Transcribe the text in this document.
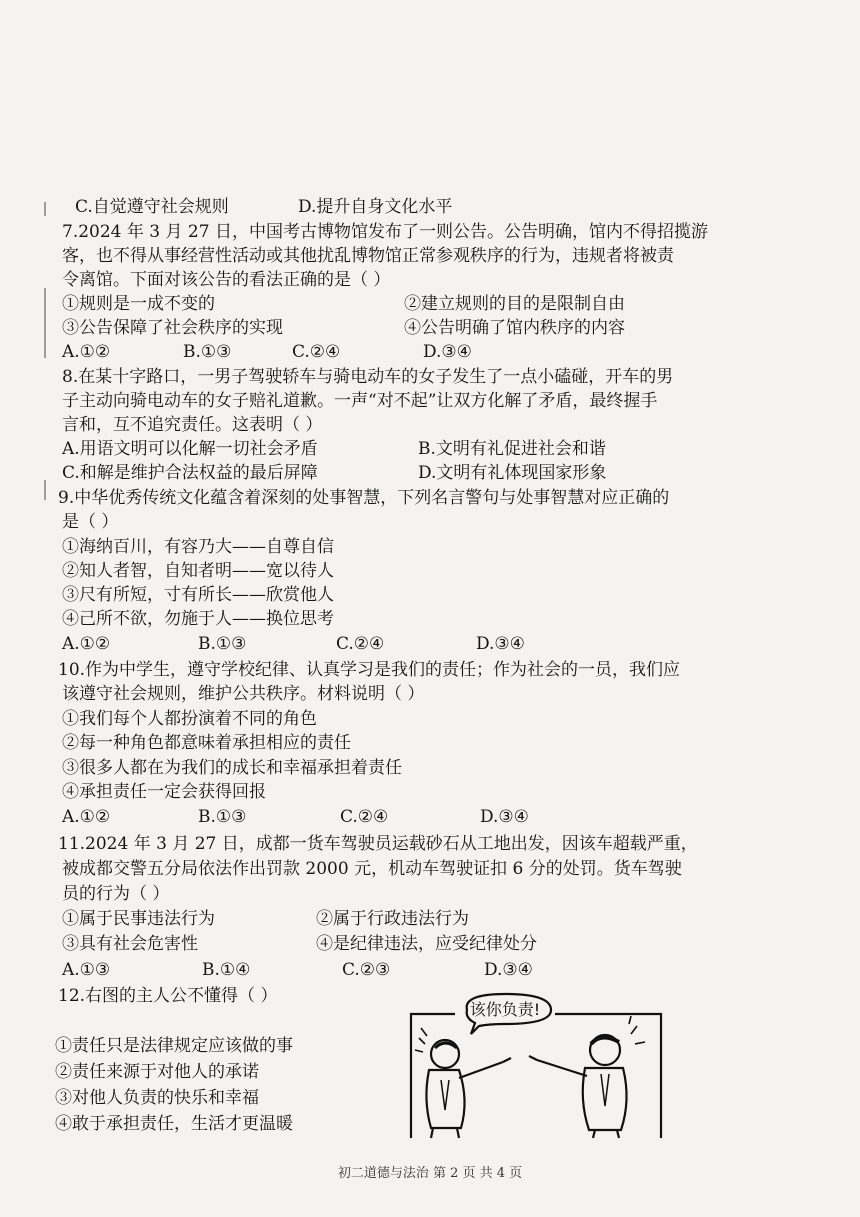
C.自觉遵守社会规则	D.提升自身文化水平
7.2024 年 3 月 27 日，中国考古博物馆发布了一则公告。公告明确，馆内不得招揽游
客，也不得从事经营性活动或其他扰乱博物馆正常参观秩序的行为，违规者将被责
令离馆。下面对该公告的看法正确的是（ ）
①规则是一成不变的	②建立规则的目的是限制自由
③公告保障了社会秩序的实现	④公告明确了馆内秩序的内容
A.①②	B.①③	C.②④	D.③④
8.在某十字路口，一男子驾驶轿车与骑电动车的女子发生了一点小磕碰，开车的男
子主动向骑电动车的女子赔礼道歉。一声“对不起”让双方化解了矛盾，最终握手
言和，互不追究责任。这表明（ ）
A.用语文明可以化解一切社会矛盾	B.文明有礼促进社会和谐
C.和解是维护合法权益的最后屏障	D.文明有礼体现国家形象
9.中华优秀传统文化蕴含着深刻的处事智慧，下列名言警句与处事智慧对应正确的
是（ ）
①海纳百川，有容乃大——自尊自信
②知人者智，自知者明——宽以待人
③尺有所短，寸有所长——欣赏他人
④己所不欲，勿施于人——换位思考
A.①②	B.①③	C.②④	D.③④
10.作为中学生，遵守学校纪律、认真学习是我们的责任；作为社会的一员，我们应
该遵守社会规则，维护公共秩序。材料说明（ ）
①我们每个人都扮演着不同的角色
②每一种角色都意味着承担相应的责任
③很多人都在为我们的成长和幸福承担着责任
④承担责任一定会获得回报
A.①②	B.①③	C.②④	D.③④
11.2024 年 3 月 27 日，成都一货车驾驶员运载砂石从工地出发，因该车超载严重，
被成都交警五分局依法作出罚款 2000 元，机动车驾驶证扣 6 分的处罚。货车驾驶
员的行为（ ）
①属于民事违法行为	②属于行政违法行为
③具有社会危害性	④是纪律违法，应受纪律处分
A.①③	B.①④	C.②③	D.③④
12.右图的主人公不懂得（ ）
①责任只是法律规定应该做的事
②责任来源于对他人的承诺
③对他人负责的快乐和幸福
④敢于承担责任，生活才更温暖
该你负责!
初二道德与法治 第 2 页 共 4 页
